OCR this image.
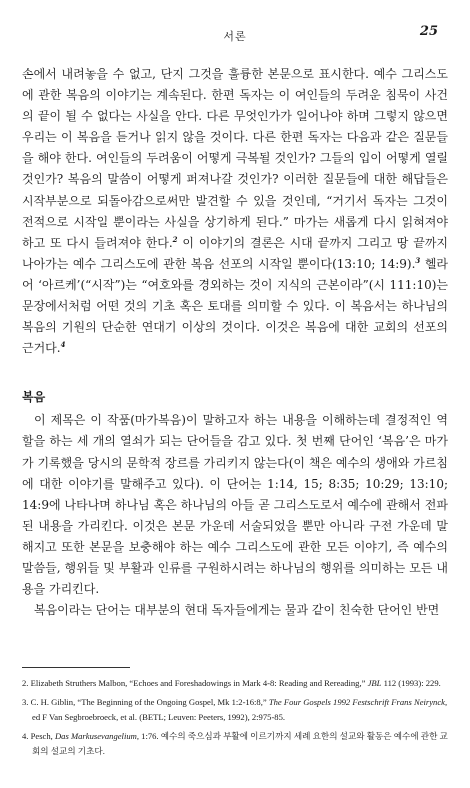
서론	25

손에서 내려놓을 수 없고, 단지 그것을 훌륭한 본문으로 표시한다. 예수 그리스도에 관한 복음의 이야기는 계속된다. 한편 독자는 이 여인들의 두려운 침묵이 사건의 끝이 될 수 없다는 사실을 안다. 다른 무엇인가가 일어나야 하며 그렇지 않으면 우리는 이 복음을 듣거나 읽지 않을 것이다. 다른 한편 독자는 다음과 같은 질문들을 해야 한다. 여인들의 두려움이 어떻게 극복될 것인가? 그들의 입이 어떻게 열릴 것인가? 복음의 말씀이 어떻게 퍼져나갈 것인가? 이러한 질문들에 대한 해답들은 시작부분으로 되돌아감으로써만 발견할 수 있을 것인데, “거기서 독자는 그것이 전적으로 시작일 뿐이라는 사실을 상기하게 된다.” 마가는 새롭게 다시 읽혀져야 하고 또 다시 들려져야 한다.$^2$ 이 이야기의 결론은 시대 끝까지 그리고 땅 끝까지 나아가는 예수 그리스도에 관한 복음 선포의 시작일 뿐이다(13:10; 14:9).$^3$ 헬라어 ‘아르케’(“시작”)는 “여호와를 경외하는 것이 지식의 근본이라”(시 111:10)는 문장에서처럼 어떤 것의 기초 혹은 토대를 의미할 수 있다. 이 복음서는 하나님의 복음의 기원의 단순한 연대기 이상의 것이다. 이것은 복음에 대한 교회의 선포의 근거다.$^4$

복음

이 제목은 이 작품(마가복음)이 말하고자 하는 내용을 이해하는데 결정적인 역할을 하는 세 개의 열쇠가 되는 단어들을 감고 있다. 첫 번째 단어인 ‘복음’은 마가가 기록했을 당시의 문학적 장르를 가리키지 않는다(이 책은 예수의 생애와 가르침에 대한 이야기를 말해주고 있다). 이 단어는 1:14, 15; 8:35; 10:29; 13:10; 14:9에 나타나며 하나님 혹은 하나님의 아들 곧 그리스도로서 예수에 관해서 전파된 내용을 가리킨다. 이것은 본문 가운데 서술되었을 뿐만 아니라 구전 가운데 말해지고 또한 본문을 보충해야 하는 예수 그리스도에 관한 모든 이야기, 즉 예수의 말씀들, 행위들 및 부활과 인류를 구원하시려는 하나님의 행위를 의미하는 모든 내용을 가리킨다.

복음이라는 단어는 대부분의 현대 독자들에게는 물과 같이 친숙한 단어인 반면

2. Elizabeth Struthers Malbon, “Echoes and Foreshadowings in Mark 4-8: Reading and Rereading,” JBL 112 (1993): 229.

3. C. H. Giblin, “The Beginning of the Ongoing Gospel, Mk 1:2-16:8,” The Four Gospels 1992 Festschrift Frans Neirynck, ed F Van Segbroebroeck, et al. (BETL; Leuven: Peeters, 1992), 2:975-85.

4. Pesch, Das Markusevangelium, 1:76. 예수의 죽으심과 부활에 이르기까지 세례 요한의 설교와 활동은 예수에 관한 교회의 설교의 기초다.
